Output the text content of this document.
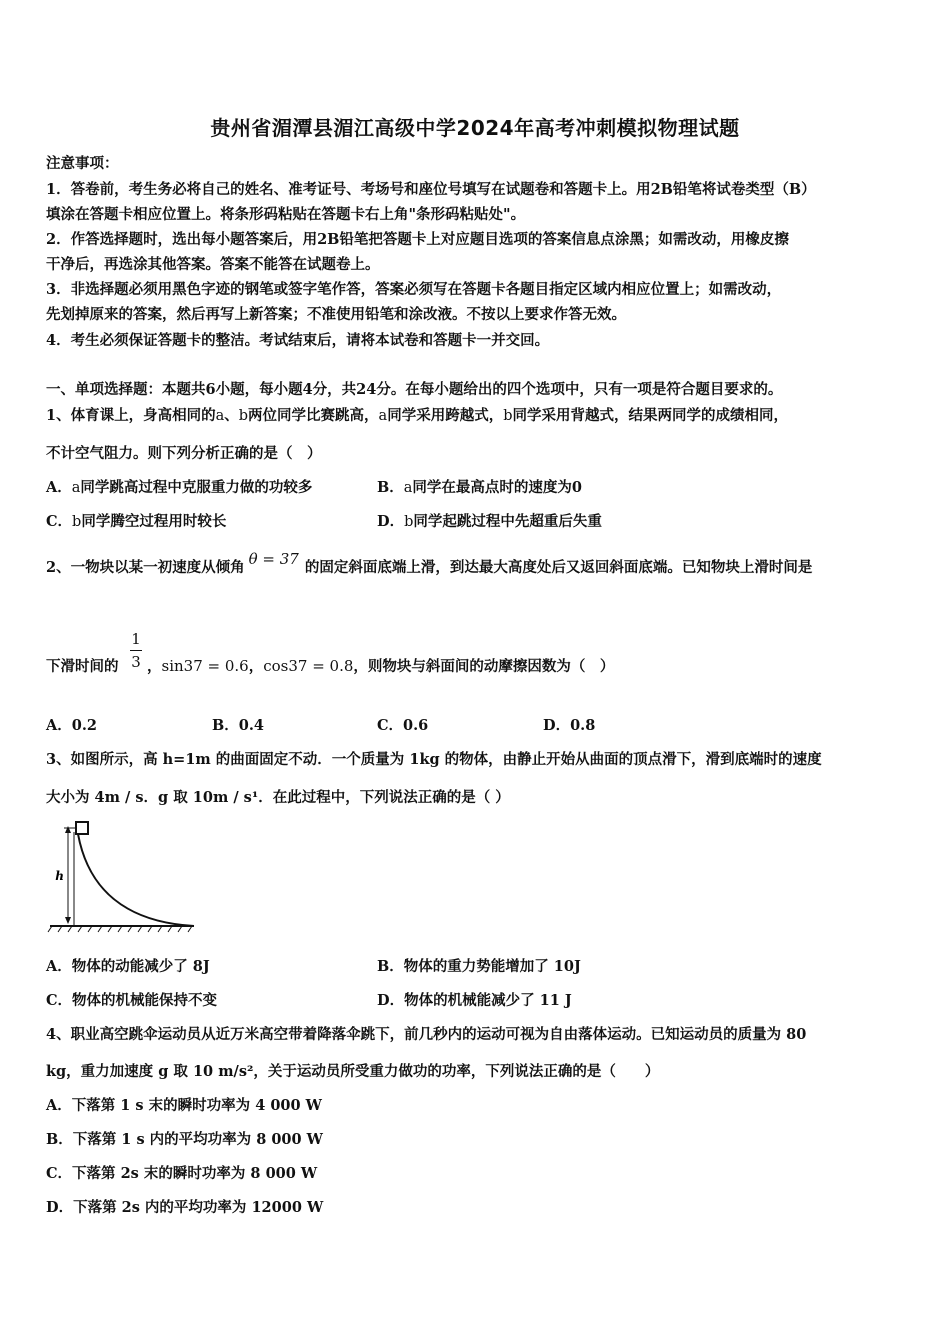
贵州省湄潭县湄江高级中学2024年高考冲刺模拟物理试题
注意事项：
1．答卷前，考生务必将自己的姓名、准考证号、考场号和座位号填写在试题卷和答题卡上。用2B铅笔将试卷类型（B）
填涂在答题卡相应位置上。将条形码粘贴在答题卡右上角"条形码粘贴处"。
2．作答选择题时，选出每小题答案后，用2B铅笔把答题卡上对应题目选项的答案信息点涂黑；如需改动，用橡皮擦
干净后，再选涂其他答案。答案不能答在试题卷上。
3．非选择题必须用黑色字迹的钢笔或签字笔作答，答案必须写在答题卡各题目指定区域内相应位置上；如需改动，
先划掉原来的答案，然后再写上新答案；不准使用铅笔和涂改液。不按以上要求作答无效。
4．考生必须保证答题卡的整洁。考试结束后，请将本试卷和答题卡一并交回。
一、单项选择题：本题共6小题，每小题4分，共24分。在每小题给出的四个选项中，只有一项是符合题目要求的。
1、体育课上，身高相同的a、b两位同学比赛跳高，a同学采用跨越式，b同学采用背越式，结果两同学的成绩相同，
不计空气阻力。则下列分析正确的是（　）
A．a同学跳高过程中克服重力做的功较多	B．a同学在最高点时的速度为0
C．b同学腾空过程用时较长	D．b同学起跳过程中先超重后失重
2、一物块以某一初速度从倾角 θ = 37 的固定斜面底端上滑，到达最大高度处后又返回斜面底端。已知物块上滑时间是
下滑时间的
1
3 ，sin37 = 0.6，cos37 = 0.8，则物块与斜面间的动摩擦因数为（　）
A．0.2	B．0.4	C．0.6	D．0.8
3、如图所示，高 h=1m 的曲面固定不动．一个质量为 1kg 的物体，由静止开始从曲面的顶点滑下，滑到底端时的速度
大小为 4m / s．g 取 10m / s¹．在此过程中，下列说法正确的是（ ）
h
A．物体的动能减少了 8J	B．物体的重力势能增加了 10J
C．物体的机械能保持不变	D．物体的机械能减少了 11 J
4、职业高空跳伞运动员从近万米高空带着降落伞跳下，前几秒内的运动可视为自由落体运动。已知运动员的质量为 80
kg，重力加速度 g 取 10 m/s²，关于运动员所受重力做功的功率，下列说法正确的是（　　）
A．下落第 1 s 末的瞬时功率为 4 000 W
B．下落第 1 s 内的平均功率为 8 000 W
C．下落第 2s 末的瞬时功率为 8 000 W
D．下落第 2s 内的平均功率为 12000 W
